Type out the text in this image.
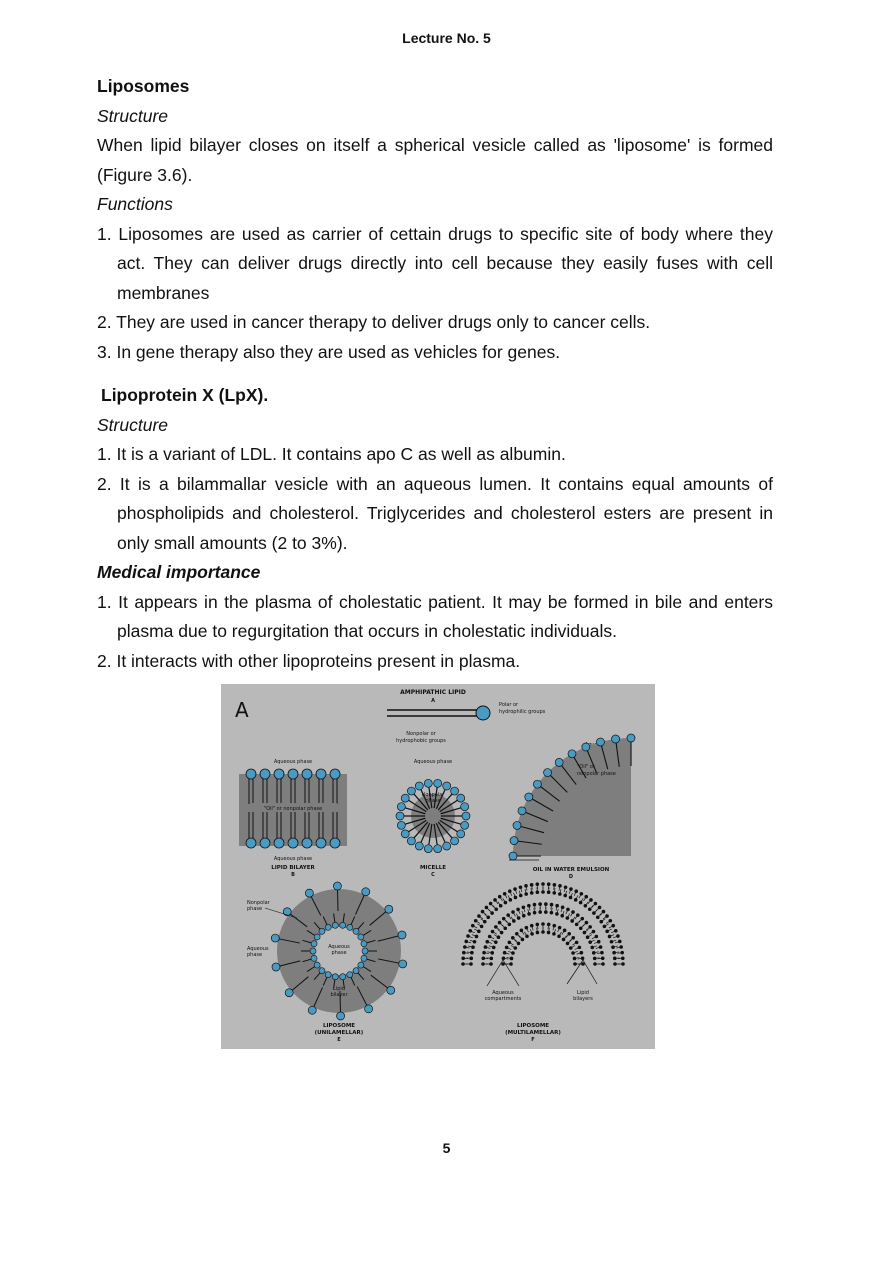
Lecture No. 5

Liposomes

Structure

When lipid bilayer closes on itself a spherical vesicle called as 'liposome' is formed (Figure 3.6).

Functions

1. Liposomes are used as carrier of cettain drugs to specific site of body where they act. They can deliver drugs directly into cell because they easily fuses with cell membranes
2. They are used in cancer therapy to deliver drugs only to cancer cells.
3. In gene therapy also they are used as vehicles for genes.

Lipoprotein X (LpX).

Structure

1. It is a variant of LDL. It contains apo C as well as albumin.
2. It is a bilammallar vesicle with an aqueous lumen. It contains equal amounts of phospholipids and cholesterol. Triglycerides and cholesterol esters are present in only small amounts (2 to 3%).

Medical importance

1. It appears in the plasma of cholestatic patient. It may be formed in bile and enters plasma due to regurgitation that occurs in cholestatic individuals.
2. It interacts with other lipoproteins present in plasma.
A
AMPHIPATHIC LIPID
A
Polar or
hydrophilic groups
Nonpolar or
hydrophobic groups
Aqueous phase
"Oil" or nonpolar phase
Aqueous phase
LIPID BILAYER
B
Aqueous phase
Nonpolar
phase
MICELLE
C
"Oil" or
nonpolar phase
OIL IN WATER EMULSION
D
Nonpolar
phase
Aqueous
phase
Aqueous
phase
Lipid
bilayer
LIPOSOME
(UNILAMELLAR)
E
Aqueous
compartments
Lipid
bilayers
LIPOSOME
(MULTILAMELLAR)
F
5
